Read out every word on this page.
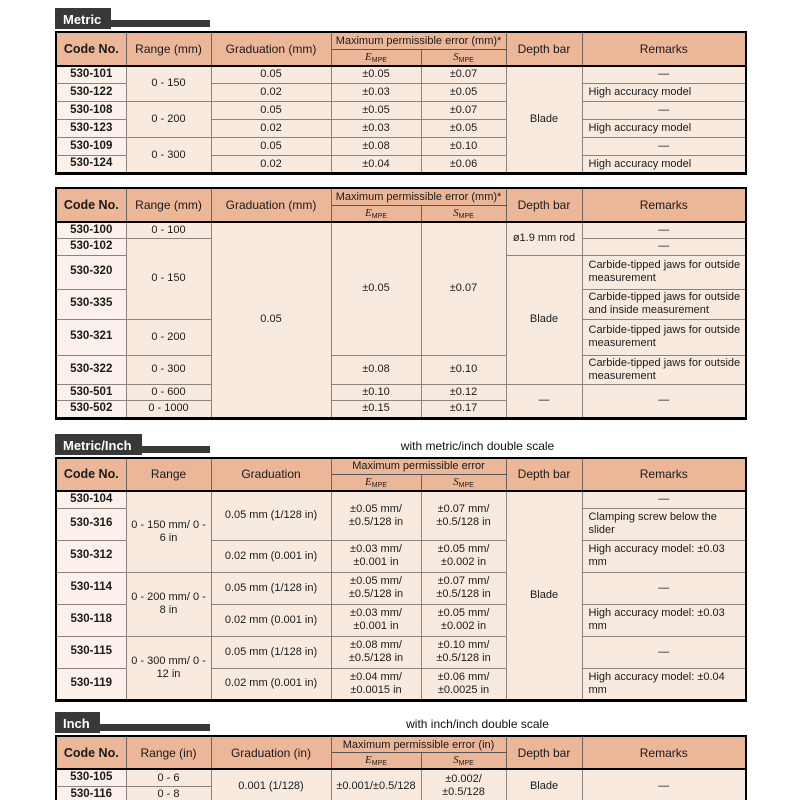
Metric
Code No.	Range (mm)	Graduation (mm)	Maximum permissible error (mm)*		Depth bar	Remarks
			$E_{MPE}$	$S_{MPE}$
530-101	0 - 150	0.05	±0.05	±0.07	Blade	—
530-122		0.02	±0.03	±0.05		High accuracy model
530-108	0 - 200	0.05	±0.05	±0.07		—
530-123		0.02	±0.03	±0.05		High accuracy model
530-109	0 - 300	0.05	±0.08	±0.10		—
530-124		0.02	±0.04	±0.06		High accuracy model
Code No.	Range (mm)	Graduation (mm)	Maximum permissible error (mm)*		Depth bar	Remarks
			$E_{MPE}$	$S_{MPE}$
530-100	0 - 100	0.05	±0.05	±0.07	ø1.9 mm rod	—
530-102	0 - 150					—
530-320					Blade	Carbide-tipped jaws for outside measurement
530-335						Carbide-tipped jaws for outside and inside measurement
530-321	0 - 200					Carbide-tipped jaws for outside measurement
530-322	0 - 300		±0.08	±0.10		Carbide-tipped jaws for outside measurement
530-501	0 - 600		±0.10	±0.12	—	—
530-502	0 - 1000		±0.15	±0.17		
Metric/Inch	with metric/inch double scale
Code No.	Range	Graduation	Maximum permissible error		Depth bar	Remarks
			$E_{MPE}$	$S_{MPE}$
530-104	0 - 150 mm/ 0 - 6 in	0.05 mm (1/128 in)	±0.05 mm/ ±0.5/128 in	±0.07 mm/ ±0.5/128 in	Blade	—
530-316						Clamping screw below the slider
530-312		0.02 mm (0.001 in)	±0.03 mm/ ±0.001 in	±0.05 mm/ ±0.002 in		High accuracy model: ±0.03 mm
530-114	0 - 200 mm/ 0 - 8 in	0.05 mm (1/128 in)	±0.05 mm/ ±0.5/128 in	±0.07 mm/ ±0.5/128 in		—
530-118		0.02 mm (0.001 in)	±0.03 mm/ ±0.001 in	±0.05 mm/ ±0.002 in		High accuracy model: ±0.03 mm
530-115	0 - 300 mm/ 0 - 12 in	0.05 mm (1/128 in)	±0.08 mm/ ±0.5/128 in	±0.10 mm/ ±0.5/128 in		—
530-119		0.02 mm (0.001 in)	±0.04 mm/ ±0.0015 in	±0.06 mm/ ±0.0025 in		High accuracy model: ±0.04 mm
Inch	with inch/inch double scale
Code No.	Range (in)	Graduation (in)	Maximum permissible error (in)		Depth bar	Remarks
			$E_{MPE}$	$S_{MPE}$
530-105	0 - 6	0.001 (1/128)	±0.001/±0.5/128	±0.002/±0.5/128	Blade	—
530-116	0 - 8					
